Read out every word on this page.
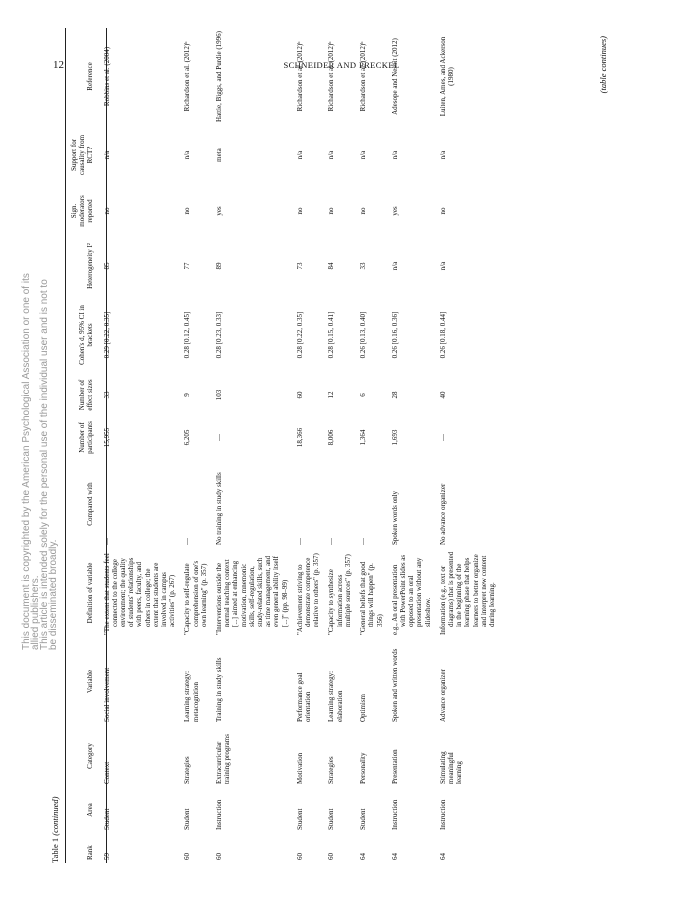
12	SCHNEIDER AND PRECKEL
This document is copyrighted by the American Psychological Association or one of its allied publishers.
This article is intended solely for the personal use of the individual user and is not to be disseminated broadly.
Table 1 (continued)
Rank	Area	Category	Variable	Definition of variable	Compared with	Number of participants	Number of effect sizes	Cohen's d, 95% CI in brackets	Heterogeneity I²	Sign. moderators reported	Support for causality from RCT?	Reference
59	Student	Context	Social involvement	"The extent that students feel connected to the college environment; the quality of students' relationships with peers, faculty, and others in college; the extent that students are involved in campus activities" (p. 267)	—	15,955	33	0.29 [0.22, 0.35]	85	no	n/a	Robbins et al. (2004)
60	Student	Strategies	Learning strategy: metacognition	"Capacity to self-regulate comprehension of one's own learning" (p. 357)	—	6,205	9	0.28 [0.12, 0.45]	77	no	n/a	Richardson et al. (2012)ᵇ
60	Instruction	Extracurricular training programs	Training in study skills	"Interventions outside the normal teaching context [...] aimed at enhancing motivation, mnemonic skills, self-regulation, study-related skills, such as time management, and even general ability itself [...]" (pp. 98–99)	No training in study skills	—	103	0.28 [0.23, 0.33]	89	yes	meta	Hattie, Biggs, and Purdie (1996)
60	Student	Motivation	Performance goal orientation	"Achievement striving to demonstrate competence relative to others" (p. 357)	—	18,366	60	0.28 [0.22, 0.35]	73	no	n/a	Richardson et al. (2012)ᵇ
60	Student	Strategies	Learning strategy: elaboration	"Capacity to synthesize information across multiple sources" (p. 357)	—	8,006	12	0.28 [0.15, 0.41]	84	no	n/a	Richardson et al. (2012)ᵇ
64	Student	Personality	Optimism	"General beliefs that good things will happen" (p. 356)	—	1,364	6	0.26 [0.13, 0.40]	33	no	n/a	Richardson et al. (2012)ᵇ
64	Instruction	Presentation	Spoken and written words	e.g., An oral presentation with PowerPoint slides as opposed to an oral presentation without any slideshow.	Spoken words only	1,693	28	0.26 [0.16, 0.36]	n/a	yes	n/a	Adesope and Nesbit (2012)
64	Instruction	Stimulating meaningful learning	Advance organizer	Information (e.g., text or diagrams) that is presented in the beginning of the learning phase that helps learners to better organize and interpret new content during learning.	No advance organizer	—	40	0.26 [0.18, 0.44]	n/a	no	n/a	Luiten, Ames, and Ackerson (1980)	(table continues)
